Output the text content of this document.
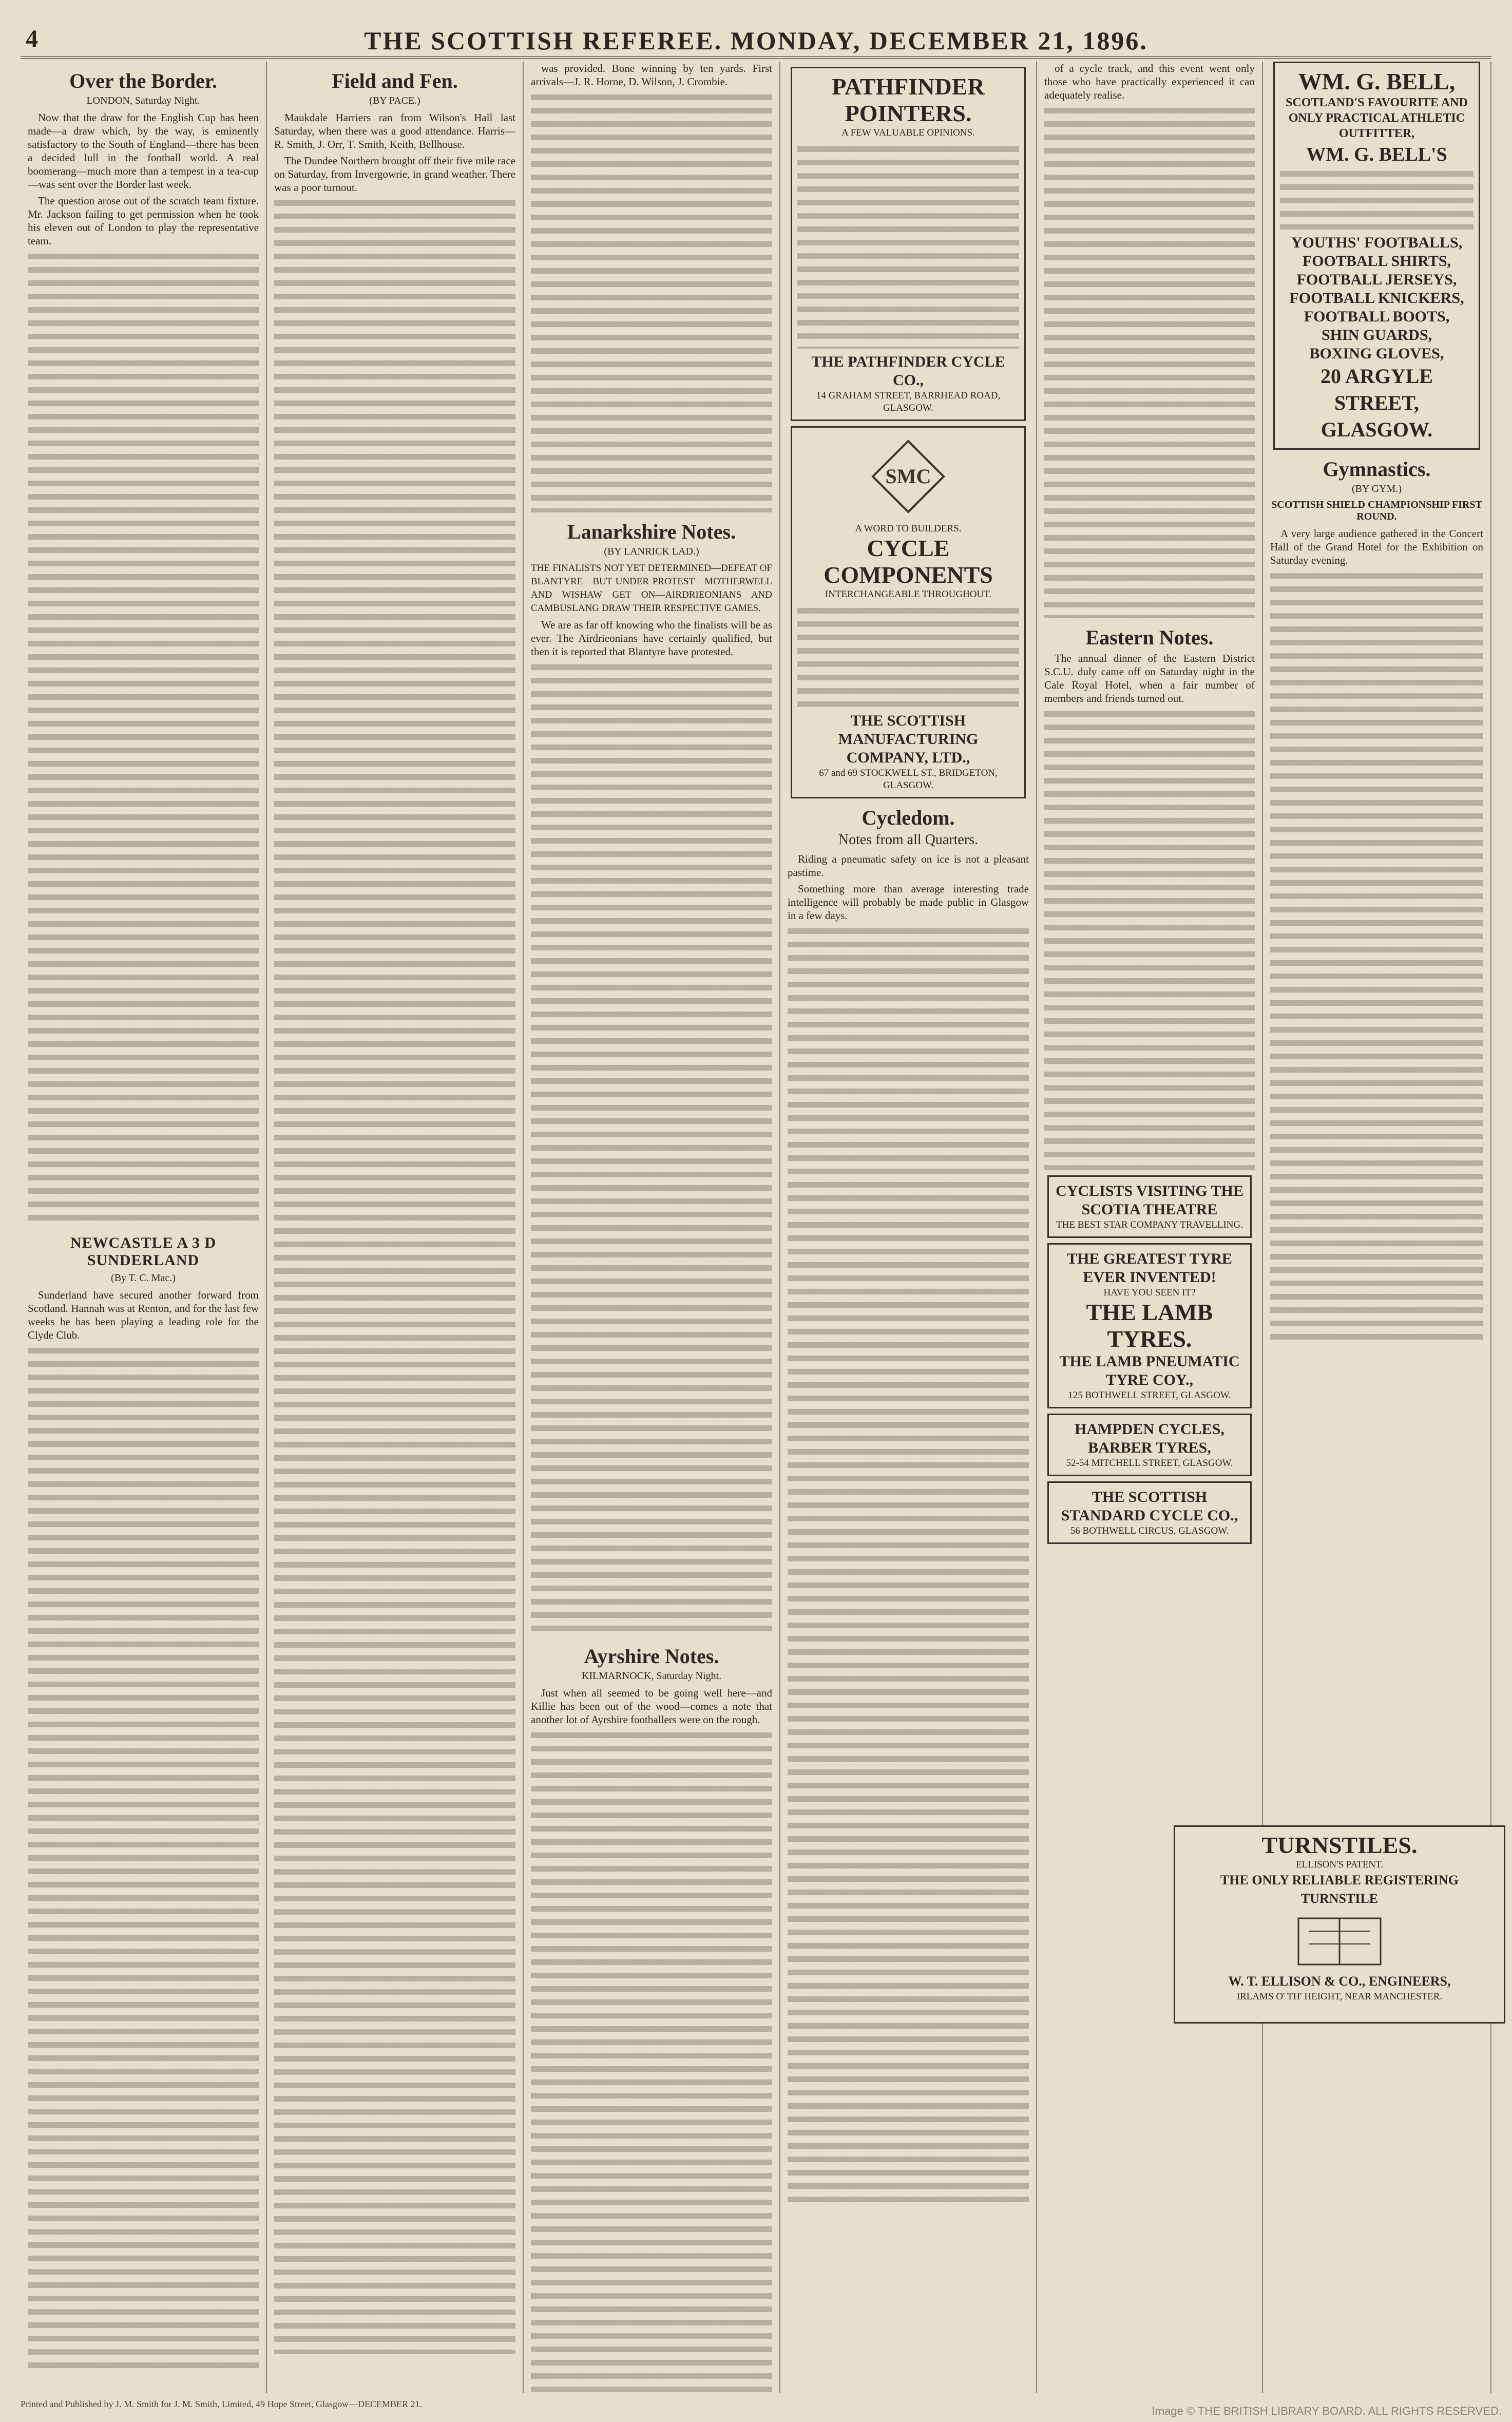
4	THE SCOTTISH REFEREE. MONDAY, DECEMBER 21, 1896.
Over the Border.
LONDON, Saturday Night.
Now that the draw for the English Cup has been made—a draw which, by the way, is eminently satisfactory to the South of England—there has been a decided lull in the football world. A real boomerang—much more than a tempest in a tea-cup—was sent over the Border last week.
The question arose out of the scratch team fixture. Mr. Jackson failing to get permission when he took his eleven out of London to play the representative team.
NEWCASTLE A 3 D SUNDERLAND
(By T. C. Mac.)
Sunderland have secured another forward from Scotland. Hannah was at Renton, and for the last few weeks he has been playing a leading role for the Clyde Club.
Field and Fen.
(BY PACE.)
Maukdale Harriers ran from Wilson's Hall last Saturday, when there was a good attendance. Harris—R. Smith, J. Orr, T. Smith, Keith, Bellhouse.
The Dundee Northern brought off their five mile race on Saturday, from Invergowrie, in grand weather. There was a poor turnout.
was provided. Bone winning by ten yards. First arrivals—J. R. Horne, D. Wilson, J. Crombie.
Lanarkshire Notes.
(BY LANRICK LAD.)
THE FINALISTS NOT YET DETERMINED—DEFEAT OF BLANTYRE—BUT UNDER PROTEST—MOTHERWELL AND WISHAW GET ON—AIRDRIEONIANS AND CAMBUSLANG DRAW THEIR RESPECTIVE GAMES.
We are as far off knowing who the finalists will be as ever. The Airdrieonians have certainly qualified, but then it is reported that Blantyre have protested.
Ayrshire Notes.
KILMARNOCK, Saturday Night.
Just when all seemed to be going well here—and Killie has been out of the wood—comes a note that another lot of Ayrshire footballers were on the rough.
PATHFINDER POINTERS.
A FEW VALUABLE OPINIONS.
THE PATHFINDER CYCLE CO.,
14 GRAHAM STREET, BARRHEAD ROAD, GLASGOW.
SMC
A WORD TO BUILDERS.
CYCLE COMPONENTS
INTERCHANGEABLE THROUGHOUT.
THE SCOTTISH MANUFACTURING COMPANY, LTD.,
67 and 69 STOCKWELL ST., BRIDGETON, GLASGOW.
Cycledom.
Notes from all Quarters.
Riding a pneumatic safety on ice is not a pleasant pastime.
Something more than average interesting trade intelligence will probably be made public in Glasgow in a few days.
of a cycle track, and this event went only those who have practically experienced it can adequately realise.
Eastern Notes.
The annual dinner of the Eastern District S.C.U. duly came off on Saturday night in the Cale Royal Hotel, when a fair number of members and friends turned out.
CYCLISTS VISITING THE SCOTIA THEATRE
THE BEST STAR COMPANY TRAVELLING.
THE GREATEST TYRE EVER INVENTED!
HAVE YOU SEEN IT?
THE LAMB TYRES.
THE LAMB PNEUMATIC TYRE COY.,
125 BOTHWELL STREET, GLASGOW.
HAMPDEN CYCLES, BARBER TYRES,
52-54 MITCHELL STREET, GLASGOW.
THE SCOTTISH STANDARD CYCLE CO.,
56 BOTHWELL CIRCUS, GLASGOW.
WM. G. BELL,
SCOTLAND'S FAVOURITE AND ONLY PRACTICAL ATHLETIC OUTFITTER,
WM. G. BELL'S
YOUTHS' FOOTBALLS,
FOOTBALL SHIRTS,
FOOTBALL JERSEYS,
FOOTBALL KNICKERS,
FOOTBALL BOOTS,
SHIN GUARDS,
BOXING GLOVES,
20 ARGYLE STREET, GLASGOW.
Gymnastics.
(BY GYM.)
SCOTTISH SHIELD CHAMPIONSHIP FIRST ROUND.
A very large audience gathered in the Concert Hall of the Grand Hotel for the Exhibition on Saturday evening.
TURNSTILES.
ELLISON'S PATENT.
THE ONLY RELIABLE REGISTERING TURNSTILE
W. T. ELLISON & CO., ENGINEERS,
IRLAMS O' TH' HEIGHT, NEAR MANCHESTER.
Printed and Published by J. M. Smith for J. M. Smith, Limited, 49 Hope Street, Glasgow—DECEMBER 21.
Image © THE BRITISH LIBRARY BOARD. ALL RIGHTS RESERVED.
